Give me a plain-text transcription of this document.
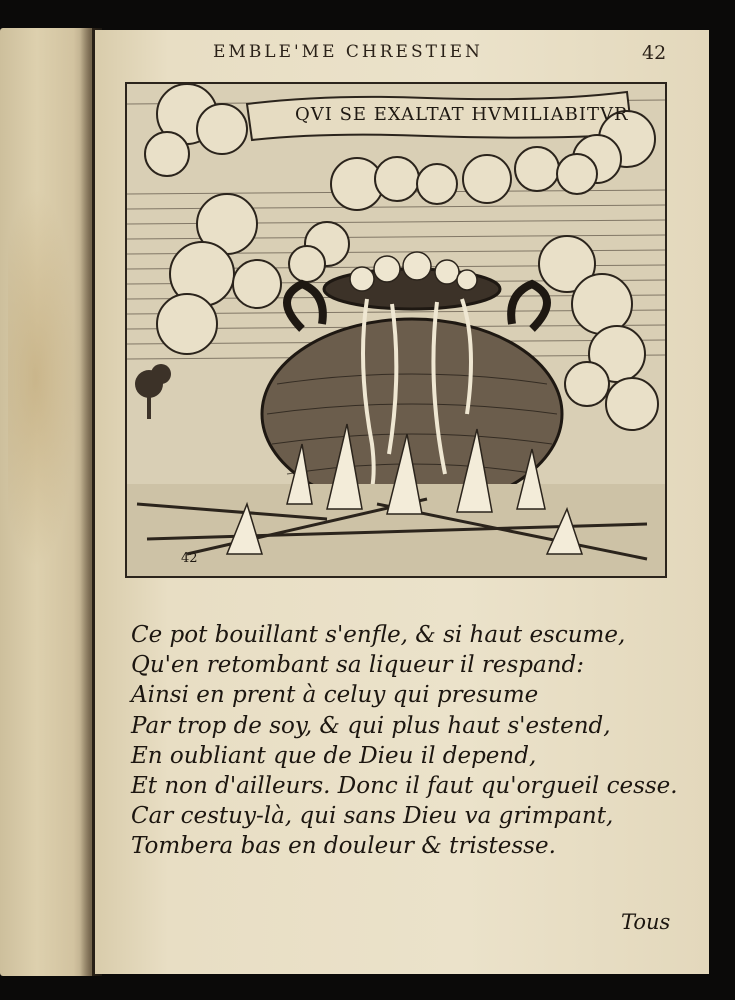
EMBLE'ME CHRESTIEN	42
QVI SE EXALTAT HVMILIABITVR
42
Ce pot bouillant s'enfle, & si haut escume,
Qu'en retombant sa liqueur il respand:
Ainsi en prent à celuy qui presume
Par trop de soy, & qui plus haut s'estend,
En oubliant que de Dieu il depend,
Et non d'ailleurs. Donc il faut qu'orgueil cesse.
Car cestuy-là, qui sans Dieu va grimpant,
Tombera bas en douleur & tristesse.
Tous
